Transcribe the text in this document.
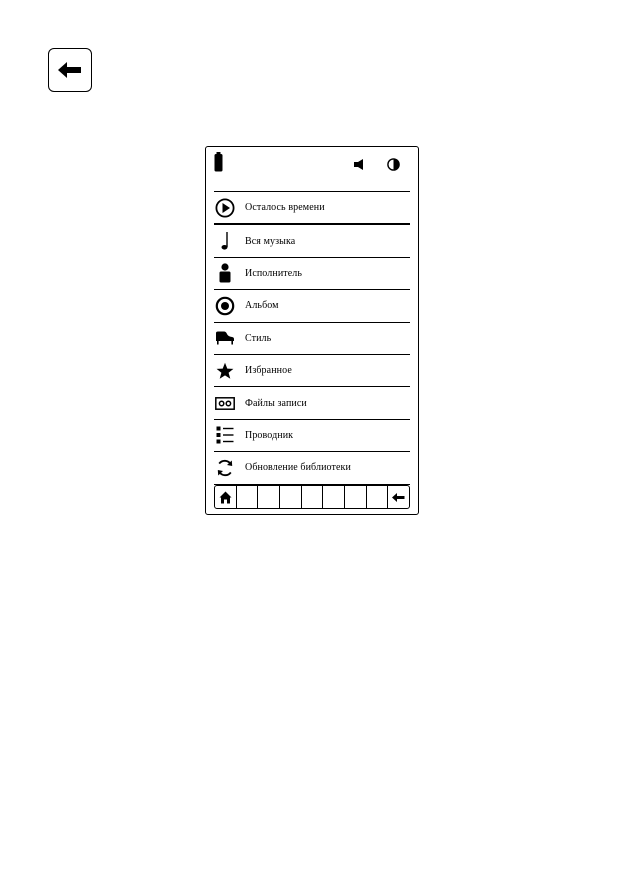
Осталось времени
Вся музыка
Исполнитель
Альбом
Стиль
Избранное
Файлы записи
Проводник
Обновление библиотеки
